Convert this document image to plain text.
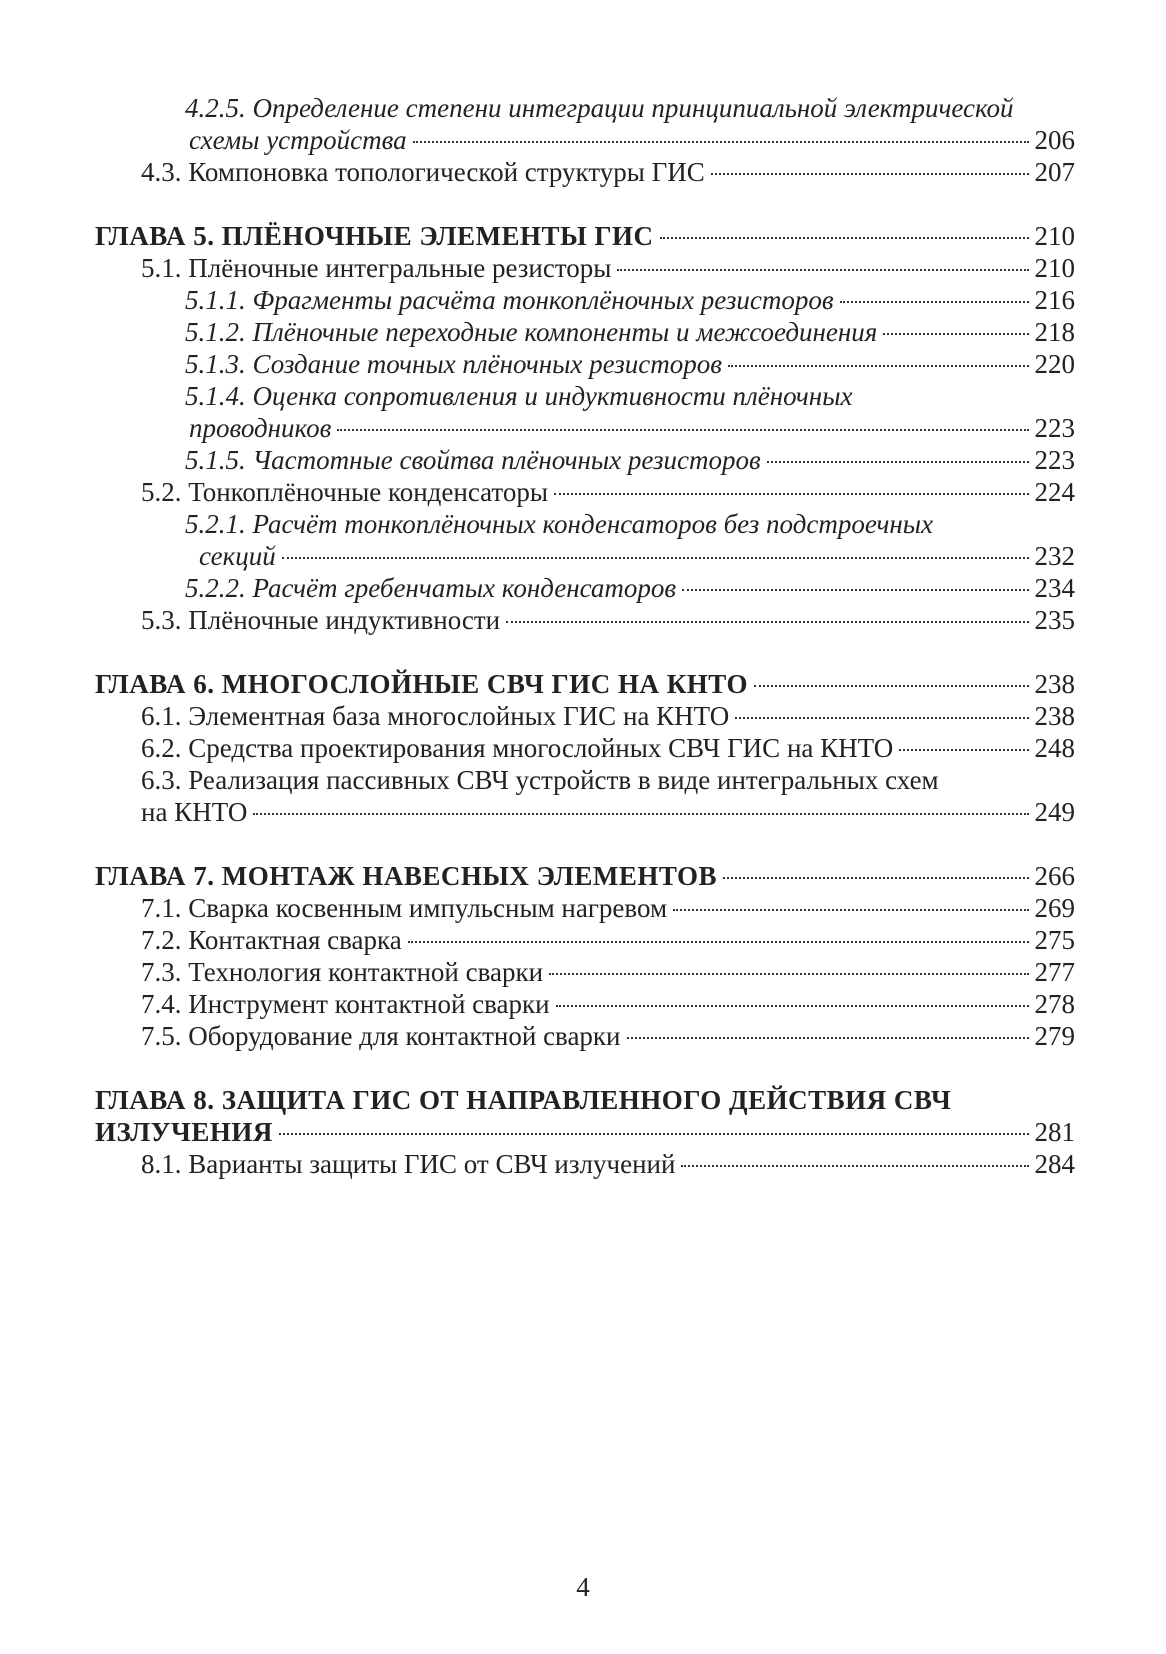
4.2.5. Определение степени интеграции принципиальной электрической
схемы устройства	206
4.3. Компоновка топологической структуры ГИС	207
ГЛАВА 5. ПЛЁНОЧНЫЕ ЭЛЕМЕНТЫ ГИС	210
5.1. Плёночные интегральные резисторы	210
5.1.1. Фрагменты расчёта тонкоплёночных резисторов	216
5.1.2. Плёночные переходные компоненты и межсоединения	218
5.1.3. Создание точных плёночных резисторов	220
5.1.4. Оценка сопротивления и индуктивности плёночных
проводников	223
5.1.5. Частотные свойтва плёночных резисторов	223
5.2. Тонкоплёночные конденсаторы	224
5.2.1. Расчёт тонкоплёночных конденсаторов без подстроечных
секций	232
5.2.2. Расчёт гребенчатых конденсаторов	234
5.3. Плёночные индуктивности	235
ГЛАВА 6. МНОГОСЛОЙНЫЕ СВЧ ГИС НА КНТО	238
6.1. Элементная база многослойных ГИС на КНТО	238
6.2. Средства проектирования многослойных СВЧ ГИС на КНТО	248
6.3. Реализация пассивных СВЧ устройств в виде интегральных схем
на КНТО	249
ГЛАВА 7. МОНТАЖ НАВЕСНЫХ ЭЛЕМЕНТОВ	266
7.1. Сварка косвенным импульсным нагревом	269
7.2. Контактная сварка	275
7.3. Технология контактной сварки	277
7.4. Инструмент контактной сварки	278
7.5. Оборудование для контактной сварки	279
ГЛАВА 8. ЗАЩИТА ГИС ОТ НАПРАВЛЕННОГО ДЕЙСТВИЯ СВЧ
ИЗЛУЧЕНИЯ	281
8.1. Варианты защиты ГИС от СВЧ излучений	284
4
